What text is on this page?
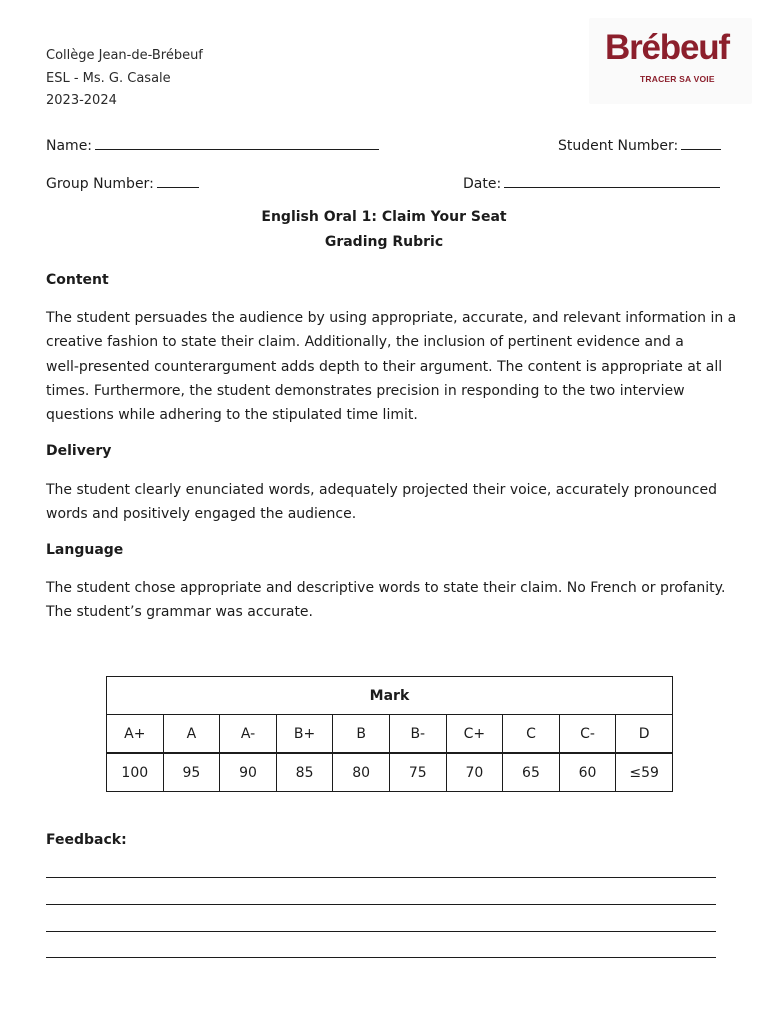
Collège Jean-de-Brébeuf
ESL - Ms. G. Casale
2023-2024
Brébeuf
TRACER SA VOIE
Name:	Student Number:
Group Number:	Date:
English Oral 1: Claim Your Seat
Grading Rubric
Content
The student persuades the audience by using appropriate, accurate, and relevant information in a
creative fashion to state their claim. Additionally, the inclusion of pertinent evidence and a
well-presented counterargument adds depth to their argument. The content is appropriate at all
times. Furthermore, the student demonstrates precision in responding to the two interview
questions while adhering to the stipulated time limit.
Delivery
The student clearly enunciated words, adequately projected their voice, accurately pronounced
words and positively engaged the audience.
Language
The student chose appropriate and descriptive words to state their claim. No French or profanity.
The student’s grammar was accurate.
Mark									
A+	A	A-	B+	B	B-	C+	C	C-	D
100	95	90	85	80	75	70	65	60	≤59
Feedback:
